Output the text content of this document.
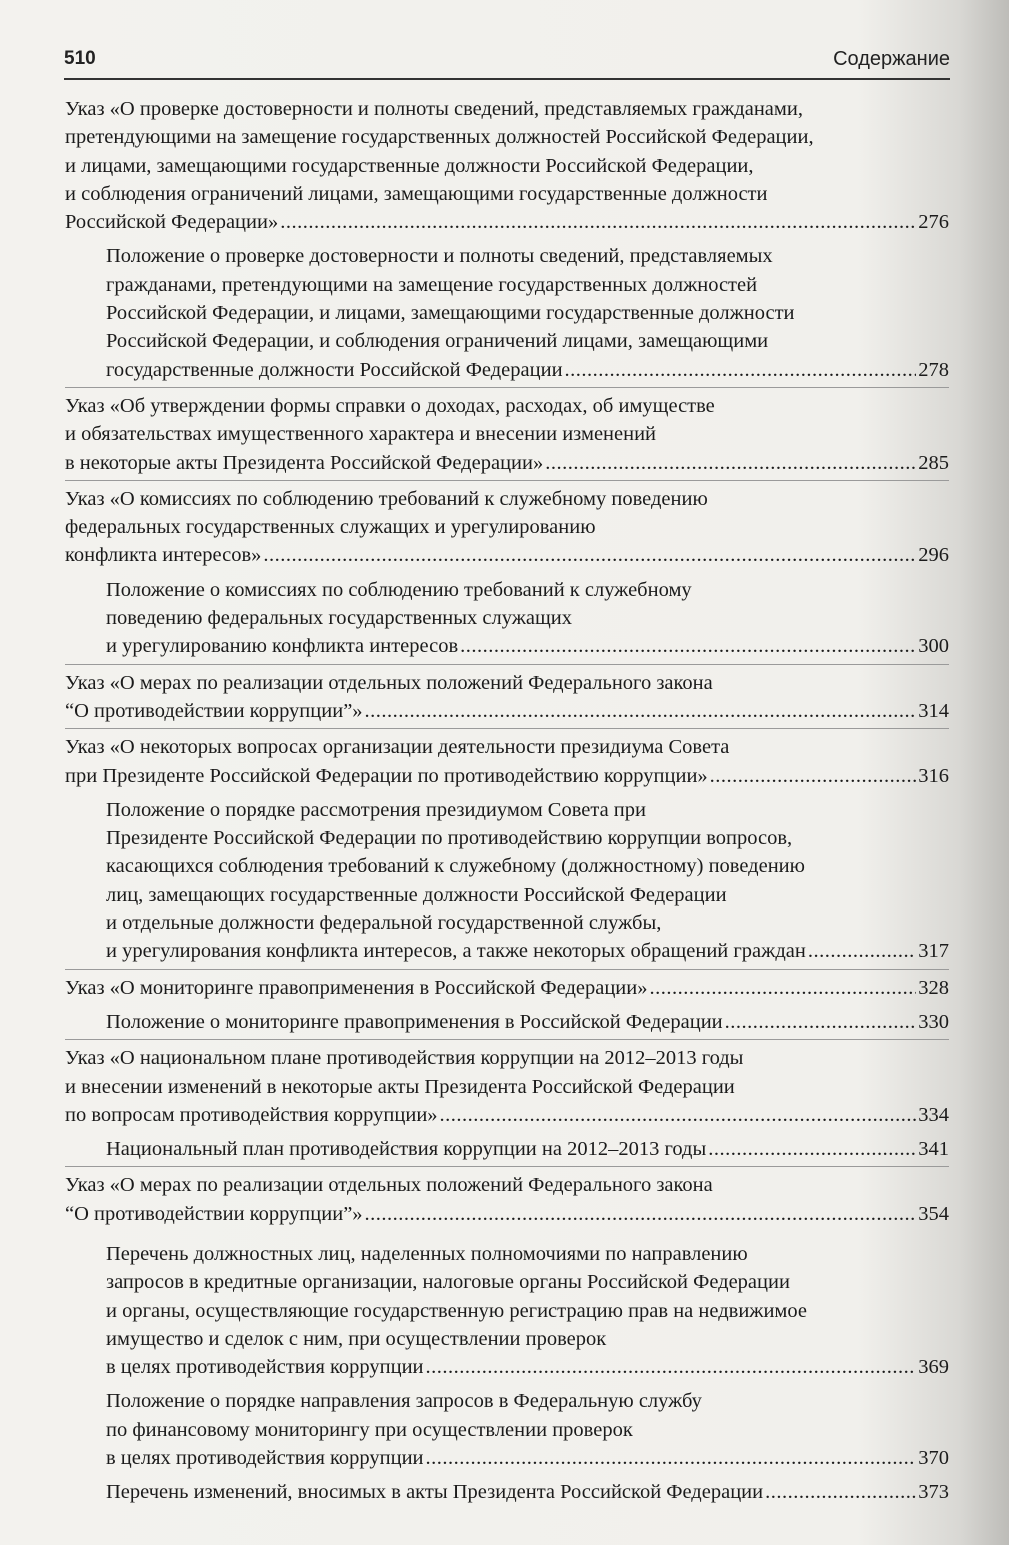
510	Содержание
Указ «О проверке достоверности и полноты сведений, представляемых гражданами,
претендующими на замещение государственных должностей Российской Федерации,
и лицами, замещающими государственные должности Российской Федерации,
и соблюдения ограничений лицами, замещающими государственные должности
Российской Федерации» .....	276
Положение о проверке достоверности и полноты сведений, представляемых
гражданами, претендующими на замещение государственных должностей
Российской Федерации, и лицами, замещающими государственные должности
Российской Федерации, и соблюдения ограничений лицами, замещающими
государственные должности Российской Федерации .....	278
Указ «Об утверждении формы справки о доходах, расходах, об имуществе
и обязательствах имущественного характера и внесении изменений
в некоторые акты Президента Российской Федерации» .....	285
Указ «О комиссиях по соблюдению требований к служебному поведению
федеральных государственных служащих и урегулированию
конфликта интересов» .....	296
Положение о комиссиях по соблюдению требований к служебному
поведению федеральных государственных служащих
и урегулированию конфликта интересов .....	300
Указ «О мерах по реализации отдельных положений Федерального закона
“О противодействии коррупции”» .....	314
Указ «О некоторых вопросах организации деятельности президиума Совета
при Президенте Российской Федерации по противодействию коррупции» .....	316
Положение о порядке рассмотрения президиумом Совета при
Президенте Российской Федерации по противодействию коррупции вопросов,
касающихся соблюдения требований к служебному (должностному) поведению
лиц, замещающих государственные должности Российской Федерации
и отдельные должности федеральной государственной службы,
и урегулирования конфликта интересов, а также некоторых обращений граждан .....	317
Указ «О мониторинге правоприменения в Российской Федерации» .....	328
Положение о мониторинге правоприменения в Российской Федерации .....	330
Указ «О национальном плане противодействия коррупции на 2012–2013 годы
и внесении изменений в некоторые акты Президента Российской Федерации
по вопросам противодействия коррупции» .....	334
Национальный план противодействия коррупции на 2012–2013 годы .....	341
Указ «О мерах по реализации отдельных положений Федерального закона
“О противодействии коррупции”» .....	354
Перечень должностных лиц, наделенных полномочиями по направлению
запросов в кредитные организации, налоговые органы Российской Федерации
и органы, осуществляющие государственную регистрацию прав на недвижимое
имущество и сделок с ним, при осуществлении проверок
в целях противодействия коррупции .....	369
Положение о порядке направления запросов в Федеральную службу
по финансовому мониторингу при осуществлении проверок
в целях противодействия коррупции .....	370
Перечень изменений, вносимых в акты Президента Российской Федерации .....	373
